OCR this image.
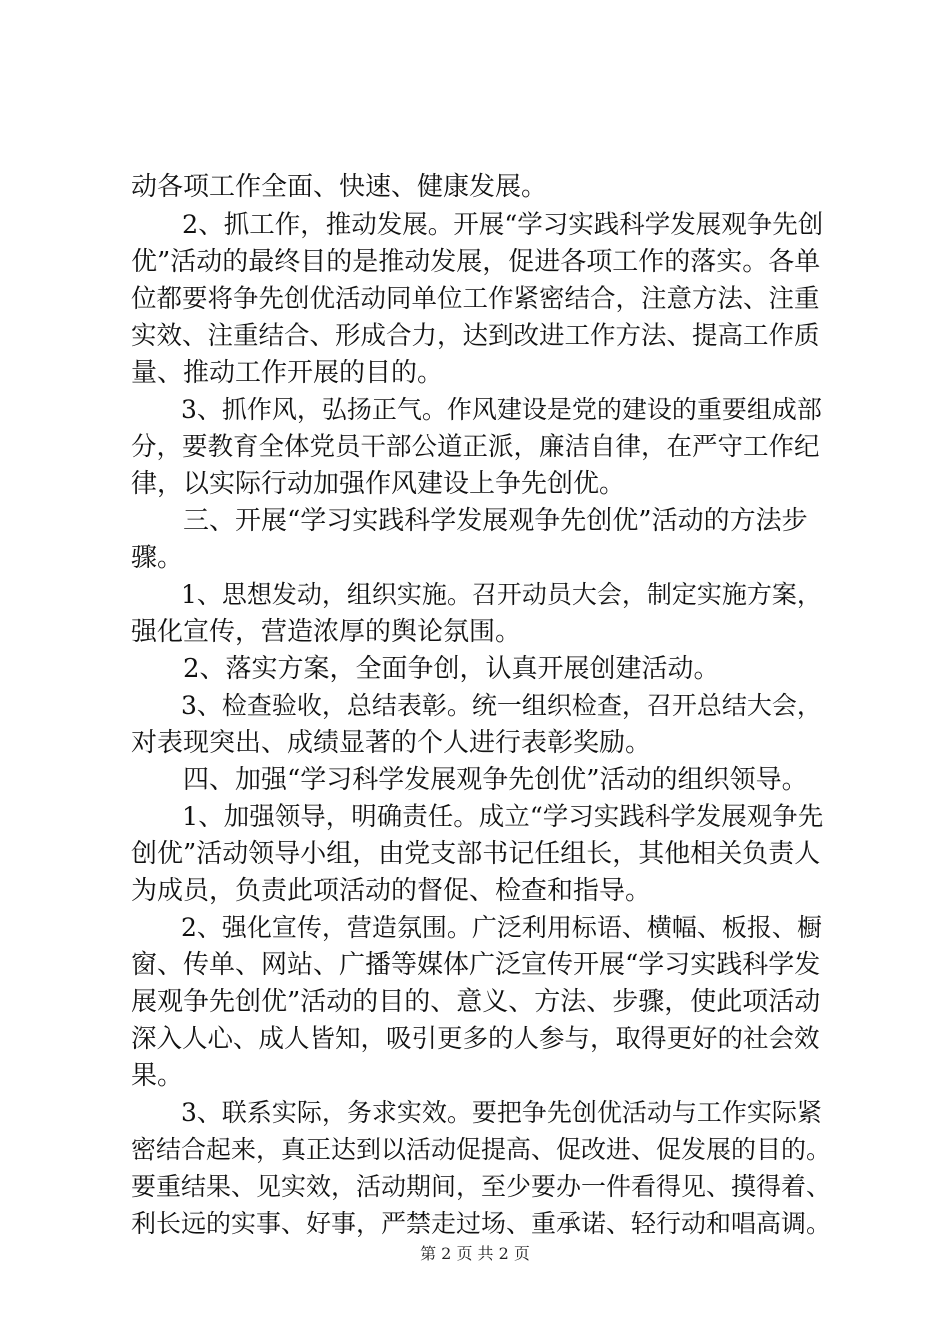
动各项工作全面、快速、健康发展。
　　2、抓工作，推动发展。开展“学习实践科学发展观争先创
优”活动的最终目的是推动发展，促进各项工作的落实。各单
位都要将争先创优活动同单位工作紧密结合，注意方法、注重
实效、注重结合、形成合力，达到改进工作方法、提高工作质
量、推动工作开展的目的。
　　3、抓作风，弘扬正气。作风建设是党的建设的重要组成部
分，要教育全体党员干部公道正派，廉洁自律，在严守工作纪
律，以实际行动加强作风建设上争先创优。
　　三、开展“学习实践科学发展观争先创优”活动的方法步
骤。
　　1、思想发动，组织实施。召开动员大会，制定实施方案，
强化宣传，营造浓厚的舆论氛围。
　　2、落实方案，全面争创，认真开展创建活动。
　　3、检查验收，总结表彰。统一组织检查，召开总结大会，
对表现突出、成绩显著的个人进行表彰奖励。
　　四、加强“学习科学发展观争先创优”活动的组织领导。
　　1、加强领导，明确责任。成立“学习实践科学发展观争先
创优”活动领导小组，由党支部书记任组长，其他相关负责人
为成员，负责此项活动的督促、检查和指导。
　　2、强化宣传，营造氛围。广泛利用标语、横幅、板报、橱
窗、传单、网站、广播等媒体广泛宣传开展“学习实践科学发
展观争先创优”活动的目的、意义、方法、步骤，使此项活动
深入人心、成人皆知，吸引更多的人参与，取得更好的社会效
果。
　　3、联系实际，务求实效。要把争先创优活动与工作实际紧
密结合起来，真正达到以活动促提高、促改进、促发展的目的。
要重结果、见实效，活动期间，至少要办一件看得见、摸得着、
利长远的实事、好事，严禁走过场、重承诺、轻行动和唱高调。
第 2 页 共 2 页
